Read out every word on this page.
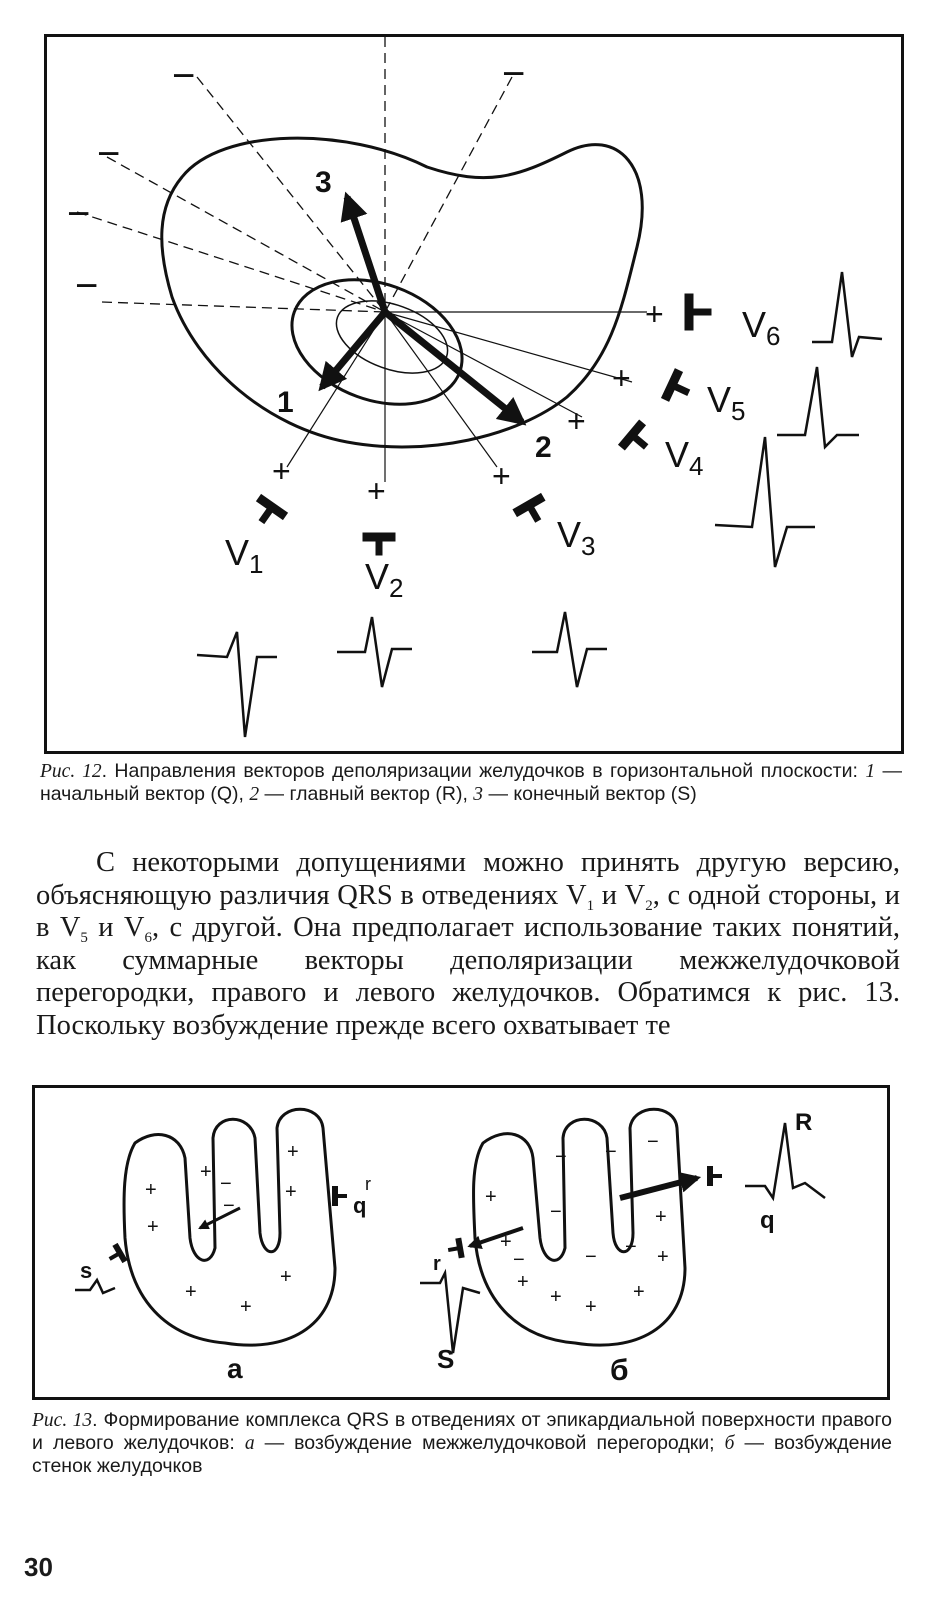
1
2
3
−	−
−
−
−
+
+
+
+
+	+
$V_6$
$V_5$
$V_4$
$V_3$
$V_2$
$V_1$
Рис. 12. Направления векторов деполяризации желудочков в горизонтальной плоскости: 1 — начальный вектор (Q), 2 — главный вектор (R), 3 — конечный вектор (S)

С некоторыми допущениями можно принять другую версию, объясняющую различия QRS в отведениях $V_1$ и $V_2$, с одной стороны, и в $V_5$ и $V_6$, с другой. Она предполагает использование таких понятий, как суммарные векторы деполяризации межжелудочковой перегородки, правого и левого желудочков. Обратимся к рис. 13. Поскольку возбуждение прежде всего охватывает те

+
+
+
+
+
+
+
+
−
−	q
r
s
а
−
−
−
− −
−
−
+
+
+
+ +
+
+
+
R
q
r
S	б
Рис. 13. Формирование комплекса QRS в отведениях от эпикардиальной поверхности правого и левого желудочков: а — возбуждение межжелудочковой перегородки; б — возбуждение стенок желудочков
30
